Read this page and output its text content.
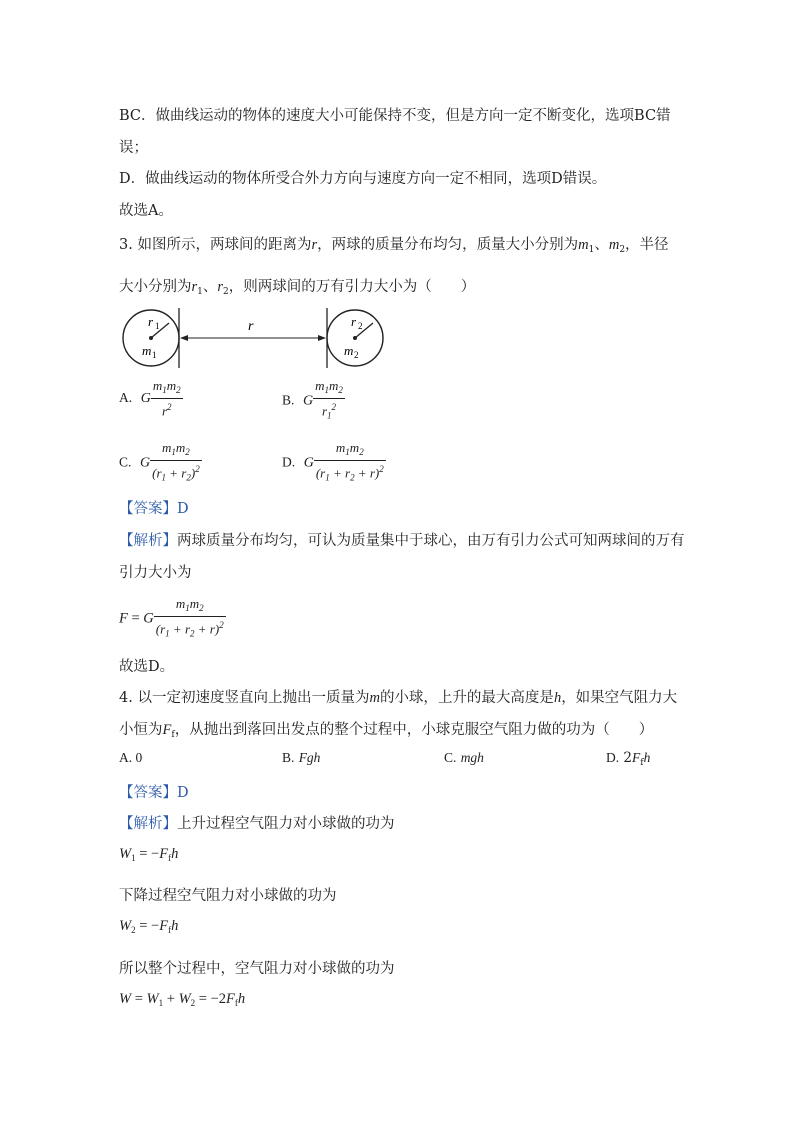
BC．做曲线运动的物体的速度大小可能保持不变，但是方向一定不断变化，选项BC错
误；
D．做曲线运动的物体所受合外力方向与速度方向一定不相同，选项D错误。
故选A。
3. 如图所示，两球间的距离为r，两球的质量分布均匀，质量大小分别为$m_1$、$m_2$，半径
大小分别为$r_1$、$r_2$，则两球间的万有引力大小为（　　）
r 1
m 1
r	r 2
m 2
A. G $\frac{m_1m_2}{r^2}$	B. G $\frac{m_1m_2}{r_1^2}$
C. G $\frac{m_1m_2}{(r_1 + r_2)^2}$	D. G $\frac{m_1m_2}{(r_1 + r_2 + r)^2}$
【答案】D
【解析】两球质量分布均匀，可认为质量集中于球心，由万有引力公式可知两球间的万有
引力大小为
F = G $\frac{m_1m_2}{(r_1 + r_2 + r)^2}$
故选D。
4. 以一定初速度竖直向上抛出一质量为m的小球，上升的最大高度是h，如果空气阻力大
小恒为$F_f$，从抛出到落回出发点的整个过程中，小球克服空气阻力做的功为（　　）
A. 0	B. Fgh	C. mgh	D. $2F_fh$
【答案】D
【解析】上升过程空气阻力对小球做的功为
$W_1 = -F_fh$
下降过程空气阻力对小球做的功为
$W_2 = -F_fh$
所以整个过程中，空气阻力对小球做的功为
$W = W_1 + W_2 = -2F_fh$
